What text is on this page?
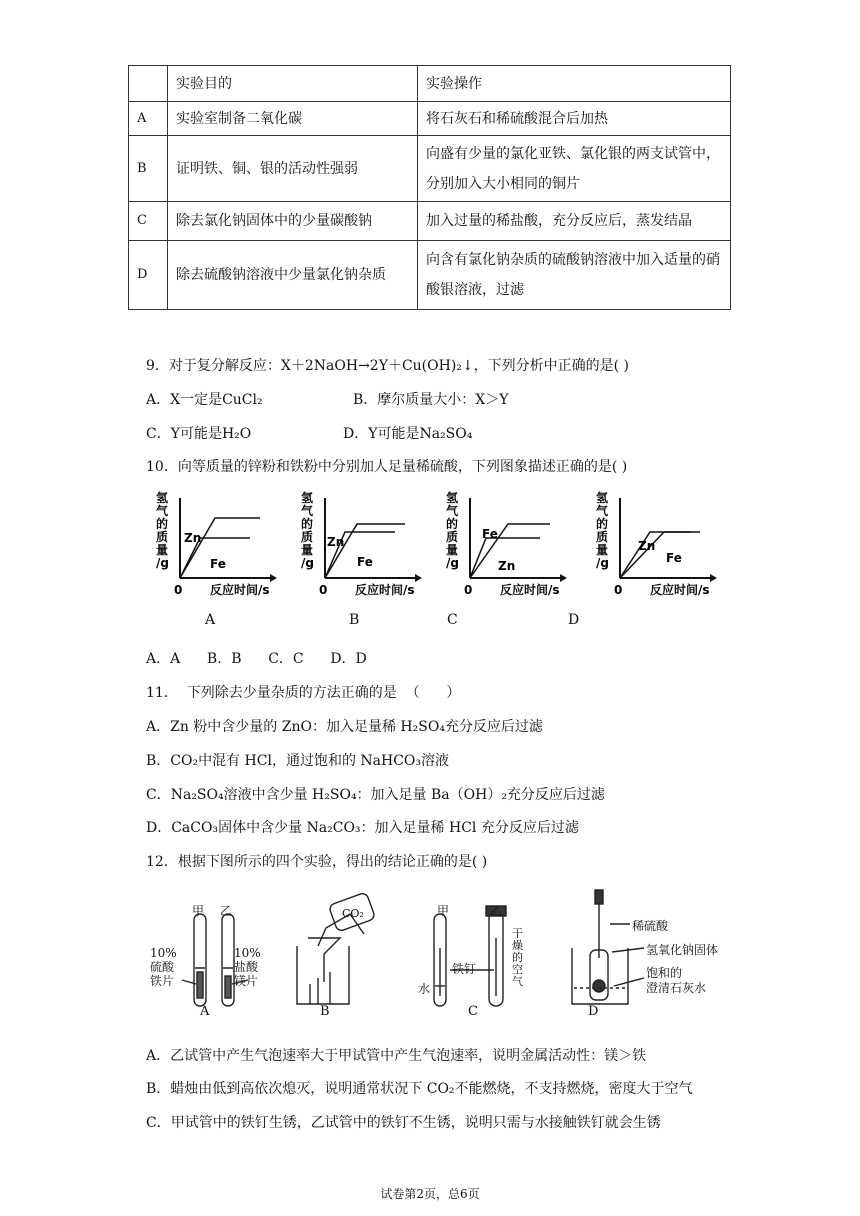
	实验目的	实验操作
A	实验室制备二氧化碳	将石灰石和稀硫酸混合后加热
B	证明铁、铜、银的活动性强弱	向盛有少量的氯化亚铁、氯化银的两支试管中，分别加入大小相同的铜片
C	除去氯化钠固体中的少量碳酸钠	加入过量的稀盐酸，充分反应后，蒸发结晶
D	除去硫酸钠溶液中少量氯化钠杂质	向含有氯化钠杂质的硫酸钠溶液中加入适量的硝酸银溶液，过滤
9．对于复分解反应：X＋2NaOH→2Y＋Cu(OH)₂↓，下列分析中正确的是( )
A．X一定是CuCl₂	B．摩尔质量大小：X＞Y
C．Y可能是H₂O	D．Y可能是Na₂SO₄
10．向等质量的锌粉和铁粉中分别加人足量稀硫酸，下列图象描述正确的是( )
氢
气
的
质
量
/g
Zn
Fe
0 反应时间/s
氢
气
的
质
量
/g
Zn
Fe
0 反应时间/s
氢
气
的
质
量
/g
Fe
Zn
0 反应时间/s
氢
气
的
质
量
/g
Zn
Fe
0 反应时间/s
A	B	C	D
A．A      B．B      C．C      D．D
11．  下列除去少量杂质的方法正确的是  （      ）
A．Zn 粉中含少量的 ZnO：加入足量稀 H₂SO₄充分反应后过滤
B．CO₂中混有 HCl，通过饱和的 NaHCO₃溶液
C．Na₂SO₄溶液中含少量 H₂SO₄：加入足量 Ba（OH）₂充分反应后过滤
D．CaCO₃固体中含少量 Na₂CO₃：加入足量稀 HCl 充分反应后过滤
12．根据下图所示的四个实验，得出的结论正确的是( )
甲 乙
10%
硫酸
铁片
10%
盐酸
镁片
A
CO₂
B
甲	乙
水
铁钉
干
燥
的
空
气
C
稀硫酸
氢氧化钠固体
饱和的
澄清石灰水
D
A．乙试管中产生气泡速率大于甲试管中产生气泡速率，说明金属活动性：镁＞铁
B．蜡烛由低到高依次熄灭，说明通常状况下 CO₂不能燃烧，不支持燃烧，密度大于空气
C．甲试管中的铁钉生锈，乙试管中的铁钉不生锈，说明只需与水接触铁钉就会生锈
试卷第2页，总6页
